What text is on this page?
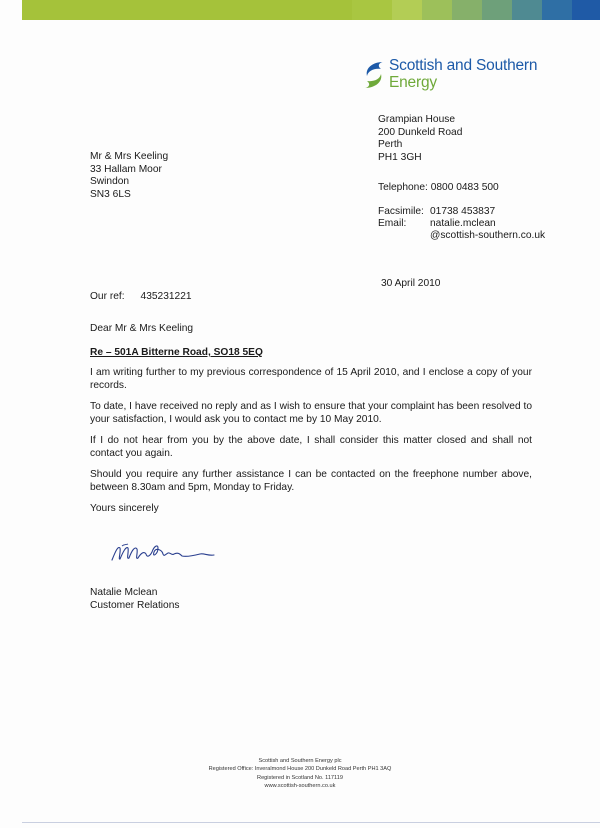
Scottish and Southern
Energy
Grampian House
200 Dunkeld Road
Perth
PH1 3GH
Mr & Mrs Keeling
33 Hallam Moor
Swindon
SN3 6LS
Telephone: 0800 0483 500
Facsimile: 01738 453837
Email: natalie.mclean
@scottish-southern.co.uk
30 April 2010
Our ref: 435231221
Dear Mr & Mrs Keeling
Re – 501A Bitterne Road, SO18 5EQ
I am writing further to my previous correspondence of 15 April 2010, and I enclose a copy of your records.
To date, I have received no reply and as I wish to ensure that your complaint has been resolved to your satisfaction, I would ask you to contact me by 10 May 2010.
If I do not hear from you by the above date, I shall consider this matter closed and shall not contact you again.
Should you require any further assistance I can be contacted on the freephone number above, between 8.30am and 5pm, Monday to Friday.
Yours sincerely
Natalie Mclean
Customer Relations
Scottish and Southern Energy plc
Registered Office: Inveralmond House 200 Dunkeld Road Perth PH1 3AQ
Registered in Scotland No. 117119
www.scottish-southern.co.uk
